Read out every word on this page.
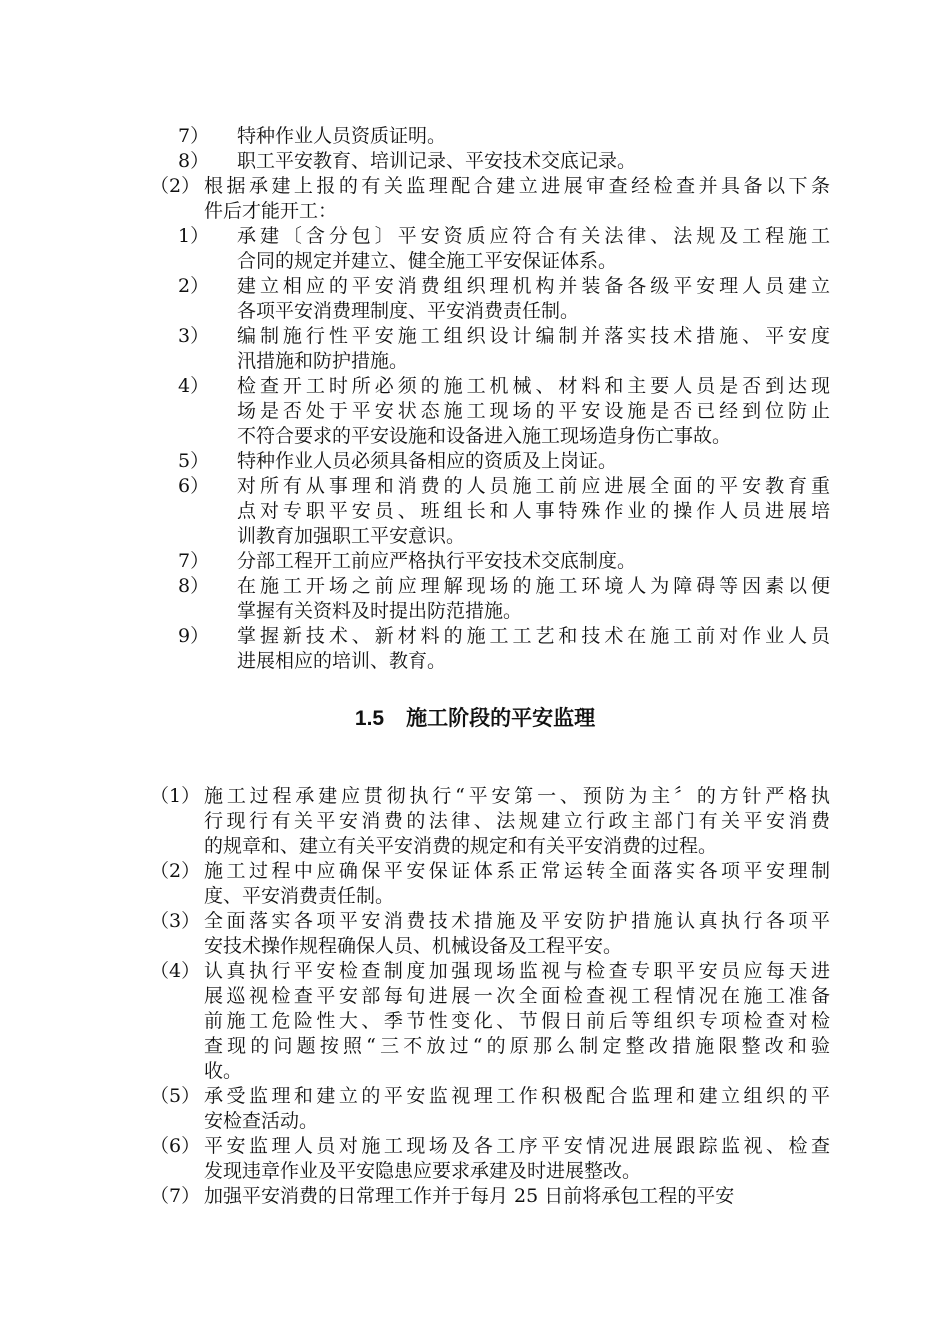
7） 特种作业人员资质证明。
8） 职工平安教育、培训记录、平安技术交底记录。
（2） 根据承建上报的有关监理配合建立进展审查经检查并具备以下条
件后才能开工：
1） 承建〔含分包〕平安资质应符合有关法律、法规及工程施工
合同的规定并建立、健全施工平安保证体系。
2） 建立相应的平安消费组织理机构并装备各级平安理人员建立
各项平安消费理制度、平安消费责任制。
3） 编制施行性平安施工组织设计编制并落实技术措施、平安度
汛措施和防护措施。
4） 检查开工时所必须的施工机械、材料和主要人员是否到达现
场是否处于平安状态施工现场的平安设施是否已经到位防止
不符合要求的平安设施和设备进入施工现场造身伤亡事故。
5） 特种作业人员必须具备相应的资质及上岗证。
6） 对所有从事理和消费的人员施工前应进展全面的平安教育重
点对专职平安员、班组长和人事特殊作业的操作人员进展培
训教育加强职工平安意识。
7） 分部工程开工前应严格执行平安技术交底制度。
8） 在施工开场之前应理解现场的施工环境人为障碍等因素以便
掌握有关资料及时提出防范措施。
9） 掌握新技术、新材料的施工工艺和技术在施工前对作业人员
进展相应的培训、教育。
1.5 施工阶段的平安监理
（1） 施工过程承建应贯彻执行“平安第一、预防为主〞的方针严格执
行现行有关平安消费的法律、法规建立行政主部门有关平安消费
的规章和、建立有关平安消费的规定和有关平安消费的过程。
（2） 施工过程中应确保平安保证体系正常运转全面落实各项平安理制
度、平安消费责任制。
（3） 全面落实各项平安消费技术措施及平安防护措施认真执行各项平
安技术操作规程确保人员、机械设备及工程平安。
（4） 认真执行平安检查制度加强现场监视与检查专职平安员应每天进
展巡视检查平安部每旬进展一次全面检查视工程情况在施工准备
前施工危险性大、季节性变化、节假日前后等组织专项检查对检
查现的问题按照“三不放过“的原那么制定整改措施限整改和验
收。
（5） 承受监理和建立的平安监视理工作积极配合监理和建立组织的平
安检查活动。
（6） 平安监理人员对施工现场及各工序平安情况进展跟踪监视、检查
发现违章作业及平安隐患应要求承建及时进展整改。
（7） 加强平安消费的日常理工作并于每月 25 日前将承包工程的平安
